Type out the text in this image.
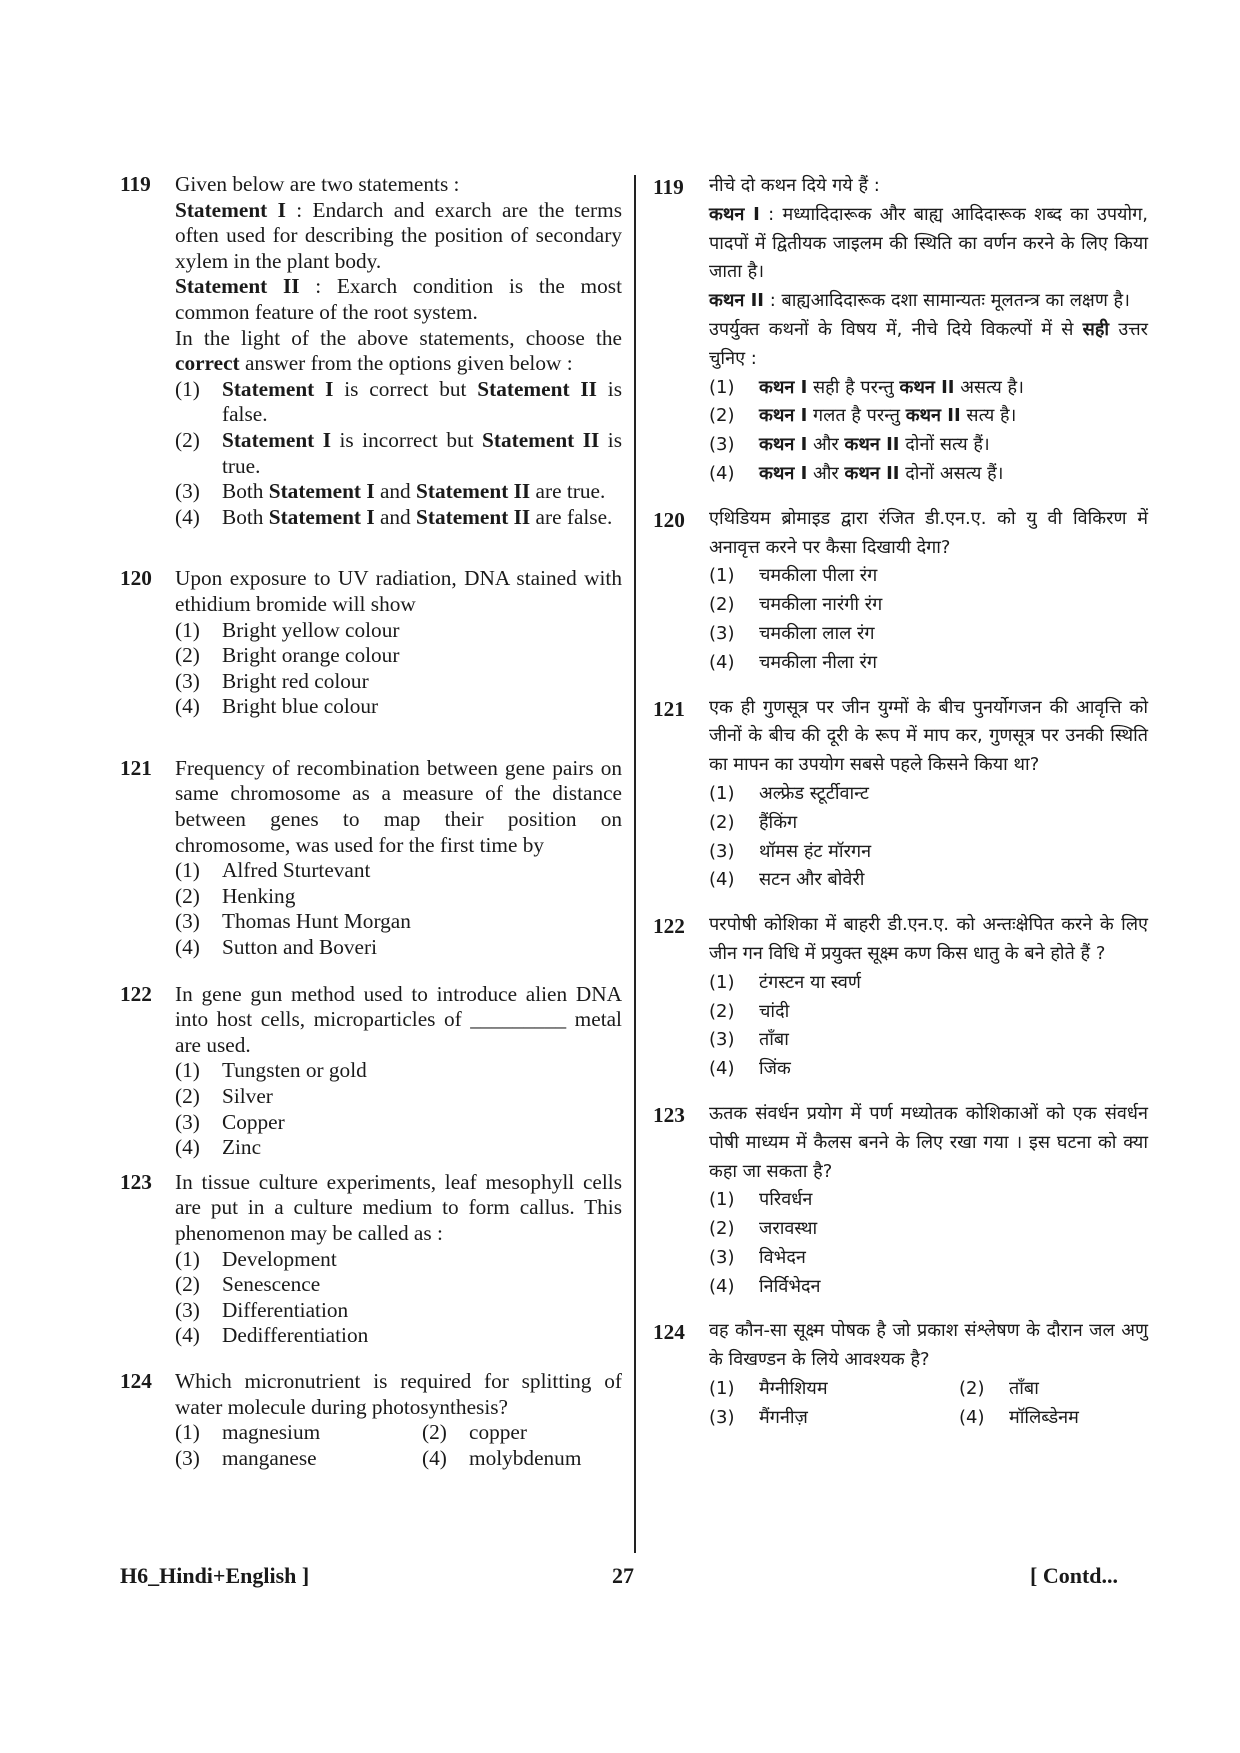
119 Given below are two statements :
Statement I : Endarch and exarch are the terms often used for describing the position of secondary xylem in the plant body.
Statement II : Exarch condition is the most common feature of the root system.
In the light of the above statements, choose the correct answer from the options given below :
(1) Statement I is correct but Statement II is false.
(2) Statement I is incorrect but Statement II is true.
(3) Both Statement I and Statement II are true.
(4) Both Statement I and Statement II are false.
120 Upon exposure to UV radiation, DNA stained with ethidium bromide will show
(1) Bright yellow colour
(2) Bright orange colour
(3) Bright red colour
(4) Bright blue colour
121 Frequency of recombination between gene pairs on same chromosome as a measure of the distance between genes to map their position on chromosome, was used for the first time by
(1) Alfred Sturtevant
(2) Henking
(3) Thomas Hunt Morgan
(4) Sutton and Boveri
122 In gene gun method used to introduce alien DNA into host cells, microparticles of _________ metal are used.
(1) Tungsten or gold
(2) Silver
(3) Copper
(4) Zinc
123 In tissue culture experiments, leaf mesophyll cells are put in a culture medium to form callus. This phenomenon may be called as :
(1) Development
(2) Senescence
(3) Differentiation
(4) Dedifferentiation
124 Which micronutrient is required for splitting of water molecule during photosynthesis?
(1) magnesium	(2) copper
(3) manganese	(4) molybdenum
119 नीचे दो कथन दिये गये हैं :
कथन I : मध्यादिदारूक और बाह्य आदिदारूक शब्द का उपयोग, पादपों में द्वितीयक जाइलम की स्थिति का वर्णन करने के लिए किया जाता है।
कथन II : बाह्यआदिदारूक दशा सामान्यतः मूलतन्त्र का लक्षण है।
उपर्युक्त कथनों के विषय में, नीचे दिये विकल्पों में से सही उत्तर चुनिए :
(1) कथन I सही है परन्तु कथन II असत्य है।
(2) कथन I गलत है परन्तु कथन II सत्य है।
(3) कथन I और कथन II दोनों सत्य हैं।
(4) कथन I और कथन II दोनों असत्य हैं।
120 एथिडियम ब्रोमाइड द्वारा रंजित डी.एन.ए. को यु वी विकिरण में अनावृत्त करने पर कैसा दिखायी देगा?
(1) चमकीला पीला रंग
(2) चमकीला नारंगी रंग
(3) चमकीला लाल रंग
(4) चमकीला नीला रंग
121 एक ही गुणसूत्र पर जीन युग्मों के बीच पुनर्योगजन की आवृत्ति को जीनों के बीच की दूरी के रूप में माप कर, गुणसूत्र पर उनकी स्थिति का मापन का उपयोग सबसे पहले किसने किया था?
(1) अल्फ्रेड स्टूर्टीवान्ट
(2) हैंकिंग
(3) थॉमस हंट मॉरगन
(4) सटन और बोवेरी
122 परपोषी कोशिका में बाहरी डी.एन.ए. को अन्तःक्षेपित करने के लिए जीन गन विधि में प्रयुक्त सूक्ष्म कण किस धातु के बने होते हैं ?
(1) टंगस्टन या स्वर्ण
(2) चांदी
(3) ताँबा
(4) जिंक
123 ऊतक संवर्धन प्रयोग में पर्ण मध्योतक कोशिकाओं को एक संवर्धन पोषी माध्यम में कैलस बनने के लिए रखा गया । इस घटना को क्या कहा जा सकता है?
(1) परिवर्धन
(2) जरावस्था
(3) विभेदन
(4) निर्विभेदन
124 वह कौन-सा सूक्ष्म पोषक है जो प्रकाश संश्लेषण के दौरान जल अणु के विखण्डन के लिये आवश्यक है?
(1) मैग्नीशियम	(2) ताँबा
(3) मैंगनीज़	(4) मॉलिब्डेनम
H6_Hindi+English ]	27	[ Contd...
